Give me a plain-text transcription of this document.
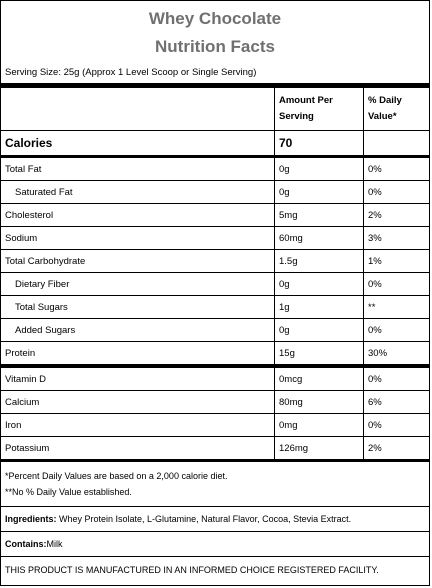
Whey Chocolate
Nutrition Facts
Serving Size: 25g (Approx 1 Level Scoop or Single Serving)
	Amount Per Serving	% Daily Value*
Calories	70	
Total Fat	0g	0%
Saturated Fat	0g	0%
Cholesterol	5mg	2%
Sodium	60mg	3%
Total Carbohydrate	1.5g	1%
Dietary Fiber	0g	0%
Total Sugars	1g	**
Added Sugars	0g	0%
Protein	15g	30%
Vitamin D	0mcg	0%
Calcium	80mg	6%
Iron	0mg	0%
Potassium	126mg	2%
*Percent Daily Values are based on a 2,000 calorie diet.
**No % Daily Value established.
Ingredients: Whey Protein Isolate, L-Glutamine, Natural Flavor, Cocoa, Stevia Extract.
Contains:Milk
THIS PRODUCT IS MANUFACTURED IN AN INFORMED CHOICE REGISTERED FACILITY.
